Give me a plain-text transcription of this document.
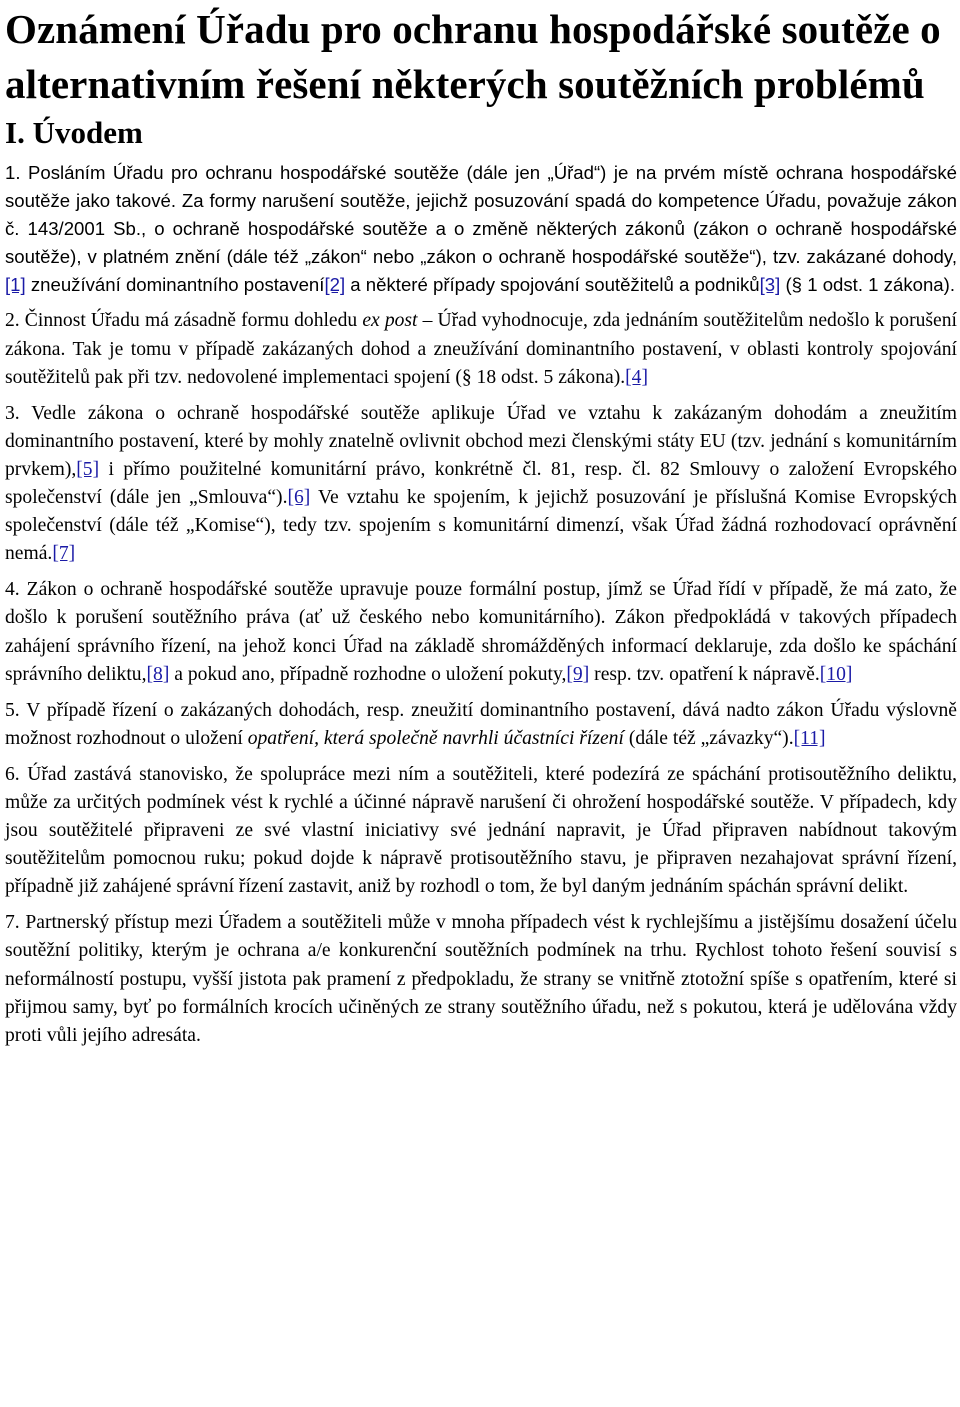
Oznámení Úřadu pro ochranu hospodářské soutěže o alternativním řešení některých soutěžních problémů
I. Úvodem

1. Posláním Úřadu pro ochranu hospodářské soutěže (dále jen „Úřad“) je na prvém místě ochrana hospodářské soutěže jako takové. Za formy narušení soutěže, jejichž posuzování spadá do kompetence Úřadu, považuje zákon č. 143/2001 Sb., o ochraně hospodářské soutěže a o změně některých zákonů (zákon o ochraně hospodářské soutěže), v platném znění (dále též „zákon“ nebo „zákon o ochraně hospodářské soutěže“), tzv. zakázané dohody,[1] zneužívání dominantního postavení[2] a některé případy spojování soutěžitelů a podniků[3] (§ 1 odst. 1 zákona).

2. Činnost Úřadu má zásadně formu dohledu ex post – Úřad vyhodnocuje, zda jednáním soutěžitelům nedošlo k porušení zákona. Tak je tomu v případě zakázaných dohod a zneužívání dominantního postavení, v oblasti kontroly spojování soutěžitelů pak při tzv. nedovolené implementaci spojení (§ 18 odst. 5 zákona).[4]

3. Vedle zákona o ochraně hospodářské soutěže aplikuje Úřad ve vztahu k zakázaným dohodám a zneužitím dominantního postavení, které by mohly znatelně ovlivnit obchod mezi členskými státy EU (tzv. jednání s komunitárním prvkem),[5] i přímo použitelné komunitární právo, konkrétně čl. 81, resp. čl. 82 Smlouvy o založení Evropského společenství (dále jen „Smlouva“).[6] Ve vztahu ke spojením, k jejichž posuzování je příslušná Komise Evropských společenství (dále též „Komise“), tedy tzv. spojením s komunitární dimenzí, však Úřad žádná rozhodovací oprávnění nemá.[7]

4. Zákon o ochraně hospodářské soutěže upravuje pouze formální postup, jímž se Úřad řídí v případě, že má zato, že došlo k porušení soutěžního práva (ať už českého nebo komunitárního). Zákon předpokládá v takových případech zahájení správního řízení, na jehož konci Úřad na základě shromážděných informací deklaruje, zda došlo ke spáchání správního deliktu,[8] a pokud ano, případně rozhodne o uložení pokuty,[9] resp. tzv. opatření k nápravě.[10]

5. V případě řízení o zakázaných dohodách, resp. zneužití dominantního postavení, dává nadto zákon Úřadu výslovně možnost rozhodnout o uložení opatření, která společně navrhli účastníci řízení (dále též „závazky“).[11]

6. Úřad zastává stanovisko, že spolupráce mezi ním a soutěžiteli, které podezírá ze spáchání protisoutěžního deliktu, může za určitých podmínek vést k rychlé a účinné nápravě narušení či ohrožení hospodářské soutěže. V případech, kdy jsou soutěžitelé připraveni ze své vlastní iniciativy své jednání napravit, je Úřad připraven nabídnout takovým soutěžitelům pomocnou ruku; pokud dojde k nápravě protisoutěžního stavu, je připraven nezahajovat správní řízení, případně již zahájené správní řízení zastavit, aniž by rozhodl o tom, že byl daným jednáním spáchán správní delikt.

7. Partnerský přístup mezi Úřadem a soutěžiteli může v mnoha případech vést k rychlejšímu a jistějšímu dosažení účelu soutěžní politiky, kterým je ochrana a/e konkurenční soutěžních podmínek na trhu. Rychlost tohoto řešení souvisí s neformálností postupu, vyšší jistota pak pramení z předpokladu, že strany se vnitřně ztotožní spíše s opatřením, které si přijmou samy, byť po formálních krocích učiněných ze strany soutěžního úřadu, než s pokutou, která je udělována vždy proti vůli jejího adresáta.
